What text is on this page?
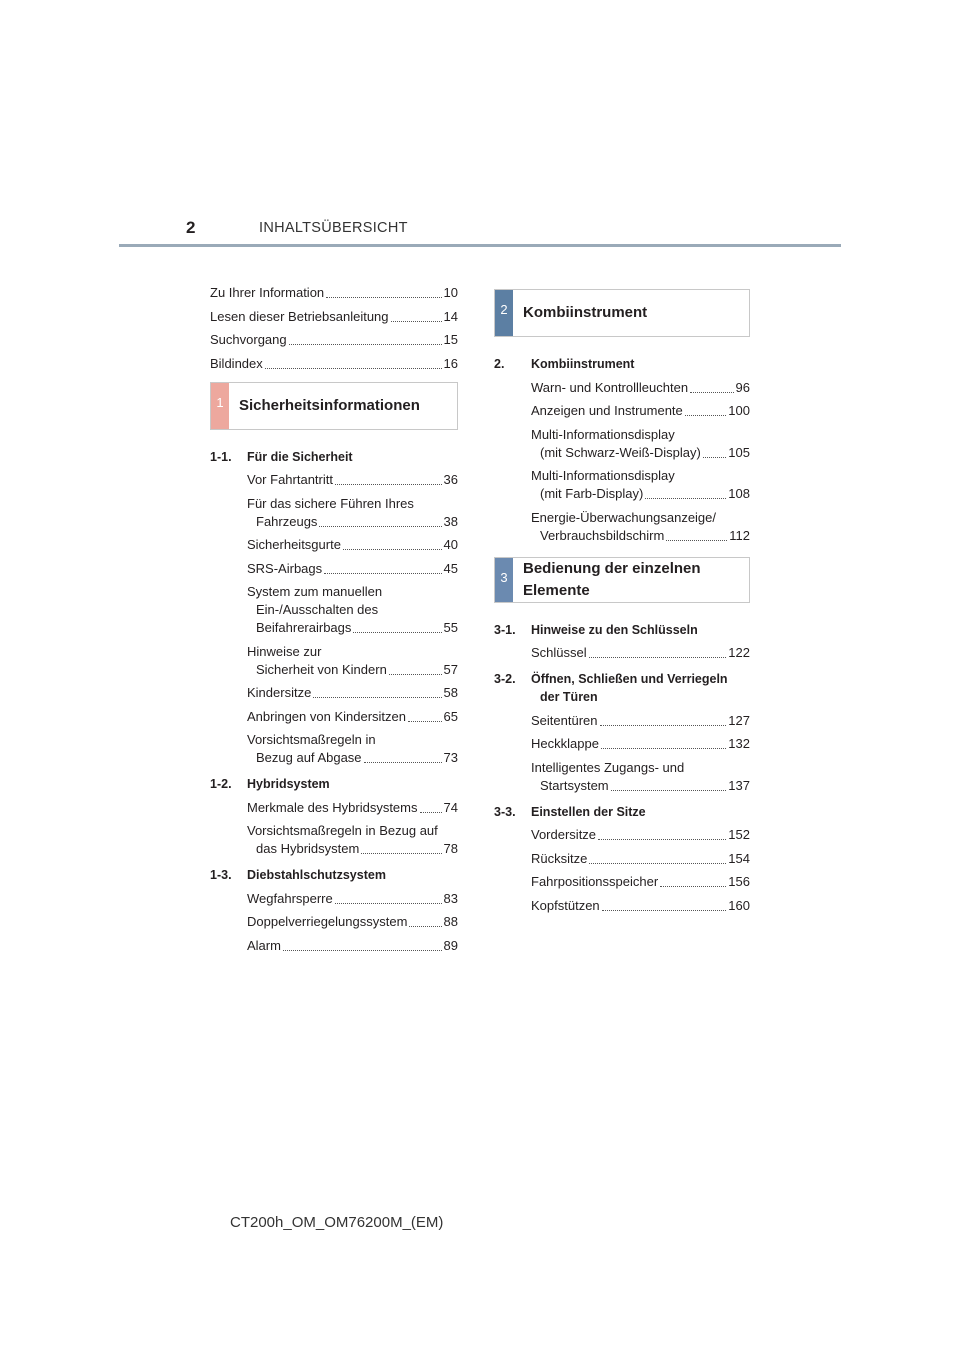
2	INHALTSÜBERSICHT
Zu Ihrer Information	10
Lesen dieser Betriebsanleitung	14
Suchvorgang	15
Bildindex	16
1	Sicherheitsinformationen
1-1.	Für die Sicherheit
Vor Fahrtantritt	36
Für das sichere Führen Ihres
Fahrzeugs	38
Sicherheitsgurte	40
SRS-Airbags	45
System zum manuellen
Ein-/Ausschalten des
Beifahrerairbags	55
Hinweise zur
Sicherheit von Kindern	57
Kindersitze	58
Anbringen von Kindersitzen	65
Vorsichtsmaßregeln in
Bezug auf Abgase	73
1-2.	Hybridsystem
Merkmale des Hybridsystems 74
Vorsichtsmaßregeln in Bezug auf
das Hybridsystem	78
1-3.	Diebstahlschutzsystem
Wegfahrsperre	83
Doppelverriegelungssystem	88
Alarm	89
2	Kombiinstrument
2.	Kombiinstrument
Warn- und Kontrollleuchten	96
Anzeigen und Instrumente	100
Multi-Informationsdisplay
(mit Schwarz-Weiß-Display) 105
Multi-Informationsdisplay
(mit Farb-Display)	108
Energie-Überwachungsanzeige/
Verbrauchsbildschirm	112
3
Bedienung der einzelnen
Elemente
3-1.	Hinweise zu den Schlüsseln
Schlüssel	122
3-2.	Öffnen, Schließen und Verriegeln
der Türen
Seitentüren	127
Heckklappe	132
Intelligentes Zugangs- und
Startsystem	137
3-3.	Einstellen der Sitze
Vordersitze	152
Rücksitze	154
Fahrpositionsspeicher	156
Kopfstützen	160
CT200h_OM_OM76200M_(EM)
